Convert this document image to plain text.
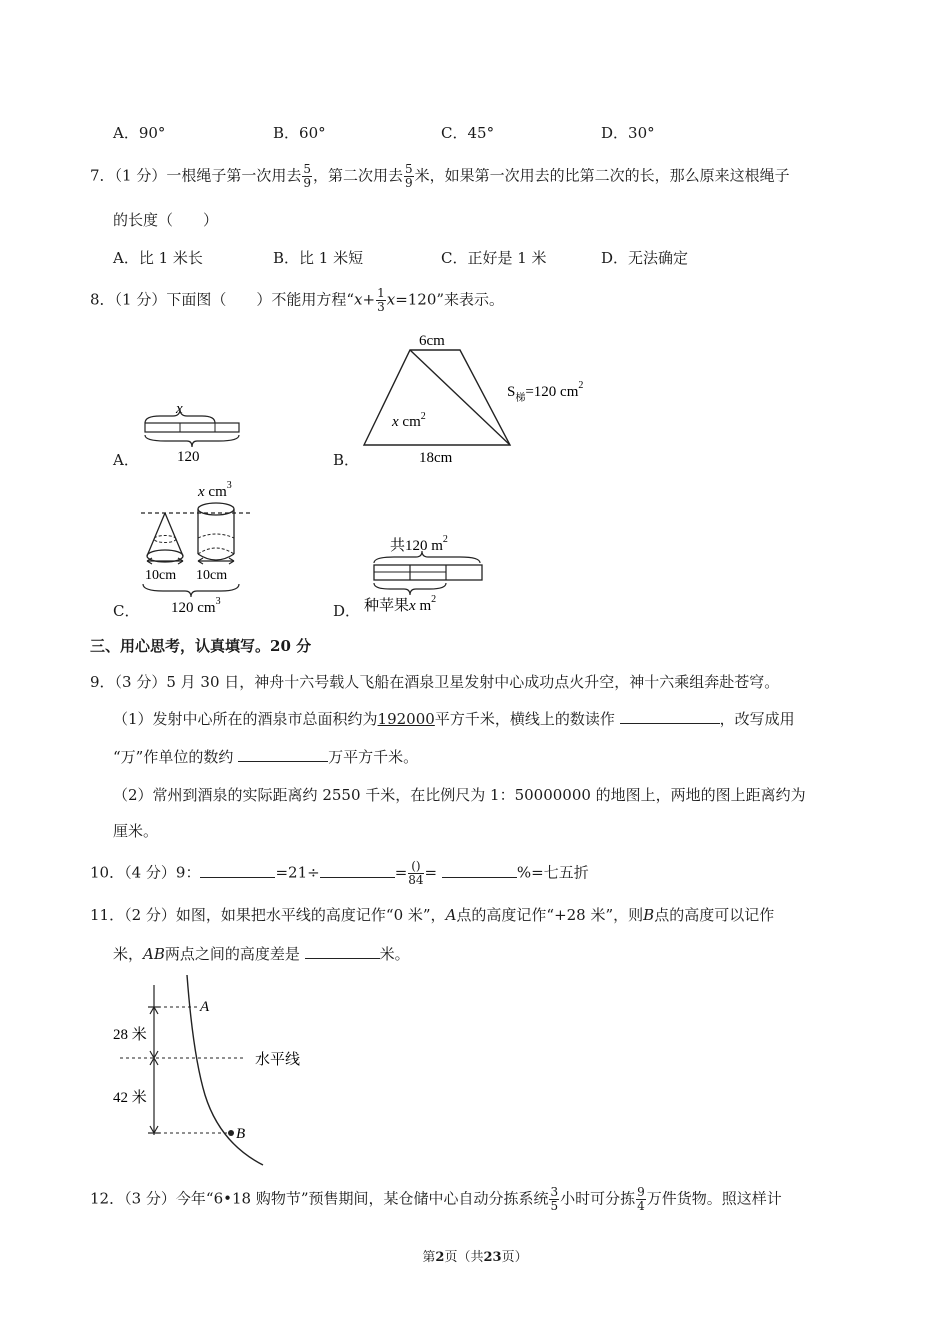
A．90°	B．60°	C．45°	D．30°
7．（1 分）一根绳子第一次用去 $\frac{5}{9}$ ，第二次用去 $\frac{5}{9}$ 米，如果第一次用去的比第二次的长，那么原来这根绳子
的长度（　　）
A．比 1 米长	B．比 1 米短	C．正好是 1 米	D．无法确定
8．（1 分）下面图（　　）不能用方程“$x+ \frac{1}{3} x=120$”来表示。
x
120
A．	B．
6cm
x $cm^2$
18cm
$S_梯=120$ $cm^2$
C．
x $cm^3$
10cm 10cm
120 $cm^3$
D．
共120 $m^2$
种苹果x $m^2$
三、用心思考，认真填写。20 分
9．（3 分）5 月 30 日，神舟十六号载人飞船在酒泉卫星发射中心成功点火升空，神十六乘组奔赴苍穹。
（1）发射中心所在的酒泉市总面积约为192000平方千米，横线上的数读作	，改写成用
“万”作单位的数约	万平方千米。
（2）常州到酒泉的实际距离约 2550 千米，在比例尺为 1：50000000 的地图上，两地的图上距离约为
厘米。
10．（4 分）9：	=21÷	= $\frac{()}{84}$ =	%=七五折
11．（2 分）如图，如果把水平线的高度记作“0 米”，A点的高度记作“+28 米”，则B点的高度可以记作
米，AB两点之间的高度差是	米。
A
B
28 米
42 米
水平线
12．（3 分）今年“6•18 购物节”预售期间，某仓储中心自动分拣系统 $\frac{3}{5}$ 小时可分拣 $\frac{9}{4}$ 万件货物。照这样计
第2页（共23页）
